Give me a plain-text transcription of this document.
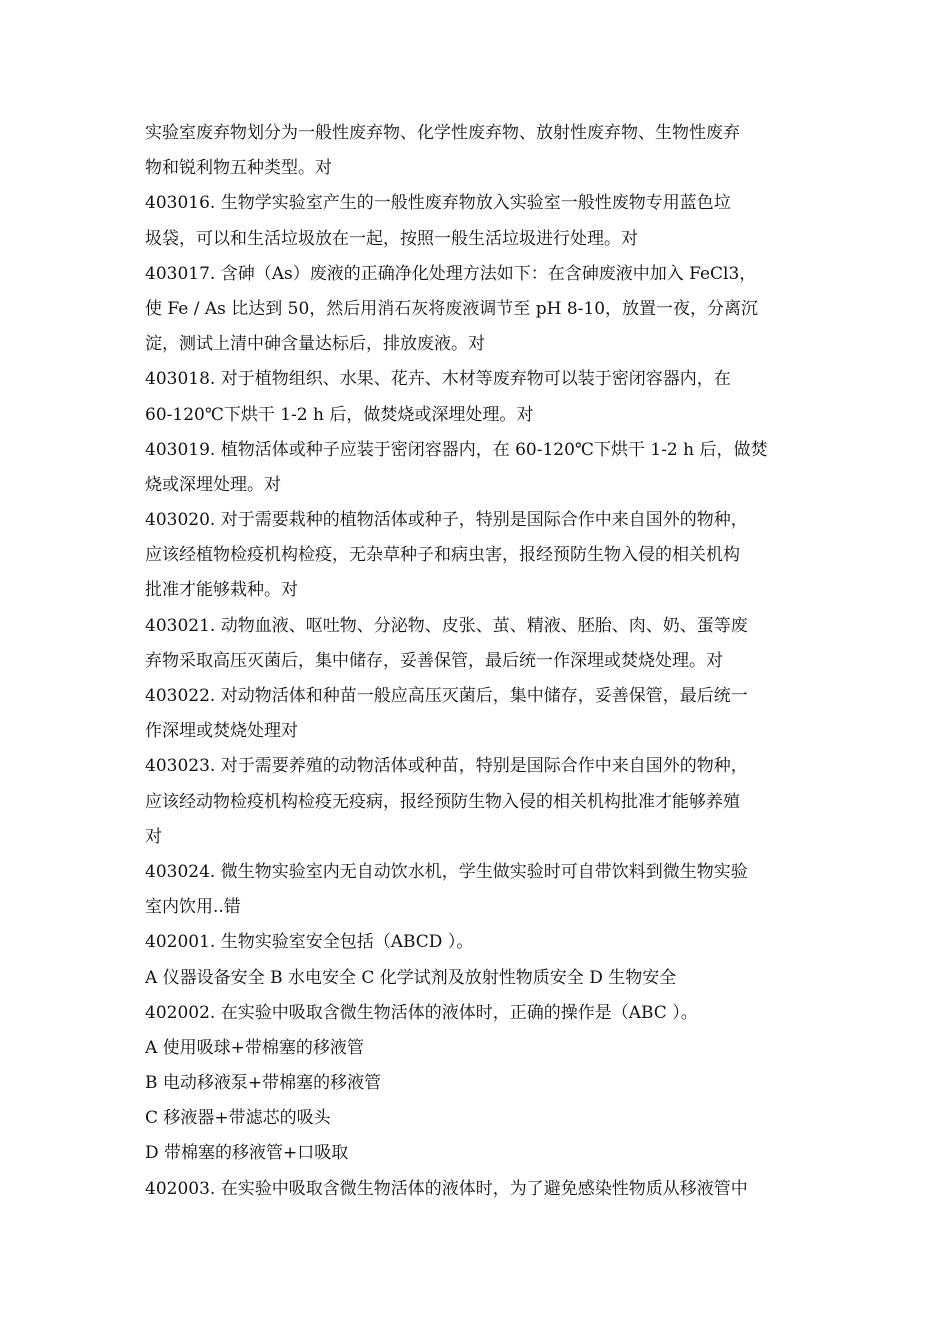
实验室废弃物划分为一般性废弃物、化学性废弃物、放射性废弃物、生物性废弃
物和锐利物五种类型。对
403016. 生物学实验室产生的一般性废弃物放入实验室一般性废物专用蓝色垃
圾袋，可以和生活垃圾放在一起，按照一般生活垃圾进行处理。对
403017. 含砷（As）废液的正确净化处理方法如下：在含砷废液中加入 FeCl3，
使 Fe / As 比达到 50，然后用消石灰将废液调节至 pH 8-10，放置一夜，分离沉
淀，测试上清中砷含量达标后，排放废液。对
403018. 对于植物组织、水果、花卉、木材等废弃物可以装于密闭容器内，在
60-120℃下烘干 1-2 h 后，做焚烧或深埋处理。对
403019. 植物活体或种子应装于密闭容器内，在 60-120℃下烘干 1-2 h 后，做焚
烧或深埋处理。对
403020. 对于需要栽种的植物活体或种子，特别是国际合作中来自国外的物种，
应该经植物检疫机构检疫，无杂草种子和病虫害，报经预防生物入侵的相关机构
批准才能够栽种。对
403021. 动物血液、呕吐物、分泌物、皮张、茧、精液、胚胎、肉、奶、蛋等废
弃物采取高压灭菌后，集中储存，妥善保管，最后统一作深埋或焚烧处理。对
403022. 对动物活体和种苗一般应高压灭菌后，集中储存，妥善保管，最后统一
作深埋或焚烧处理对
403023. 对于需要养殖的动物活体或种苗，特别是国际合作中来自国外的物种，
应该经动物检疫机构检疫无疫病，报经预防生物入侵的相关机构批准才能够养殖
对
403024. 微生物实验室内无自动饮水机，学生做实验时可自带饮料到微生物实验
室内饮用..错
402001. 生物实验室安全包括（ABCD ）。
A 仪器设备安全 B 水电安全 C 化学试剂及放射性物质安全 D 生物安全
402002. 在实验中吸取含微生物活体的液体时，正确的操作是（ABC ）。
A 使用吸球+带棉塞的移液管
B 电动移液泵+带棉塞的移液管
C 移液器+带滤芯的吸头
D 带棉塞的移液管+口吸取
402003. 在实验中吸取含微生物活体的液体时，为了避免感染性物质从移液管中
